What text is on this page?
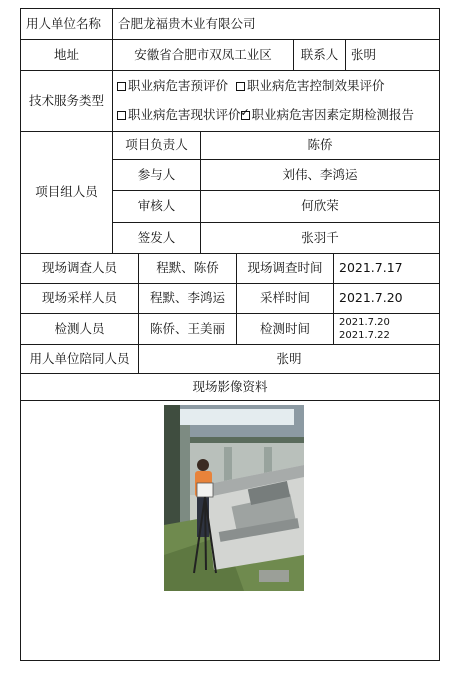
用人单位名称	合肥龙福贵木业有限公司
地址	安徽省合肥市双凤工业区	联系人	张明
技术服务类型
职业病危害预评价	职业病危害控制效果评价
职业病危害现状评价
✓ 职业病危害因素定期检测报告
项目组人员
项目负责人	陈侨
参与人	刘伟、李鸿运
审核人	何欣荣
签发人	张羽千
现场调查人员	程默、陈侨	现场调查时间	2021.7.17
现场采样人员	程默、李鸿运	采样时间	2021.7.20
检测人员	陈侨、王美丽	检测时间	2021.7.20
2021.7.22
用人单位陪同人员	张明
现场影像资料
